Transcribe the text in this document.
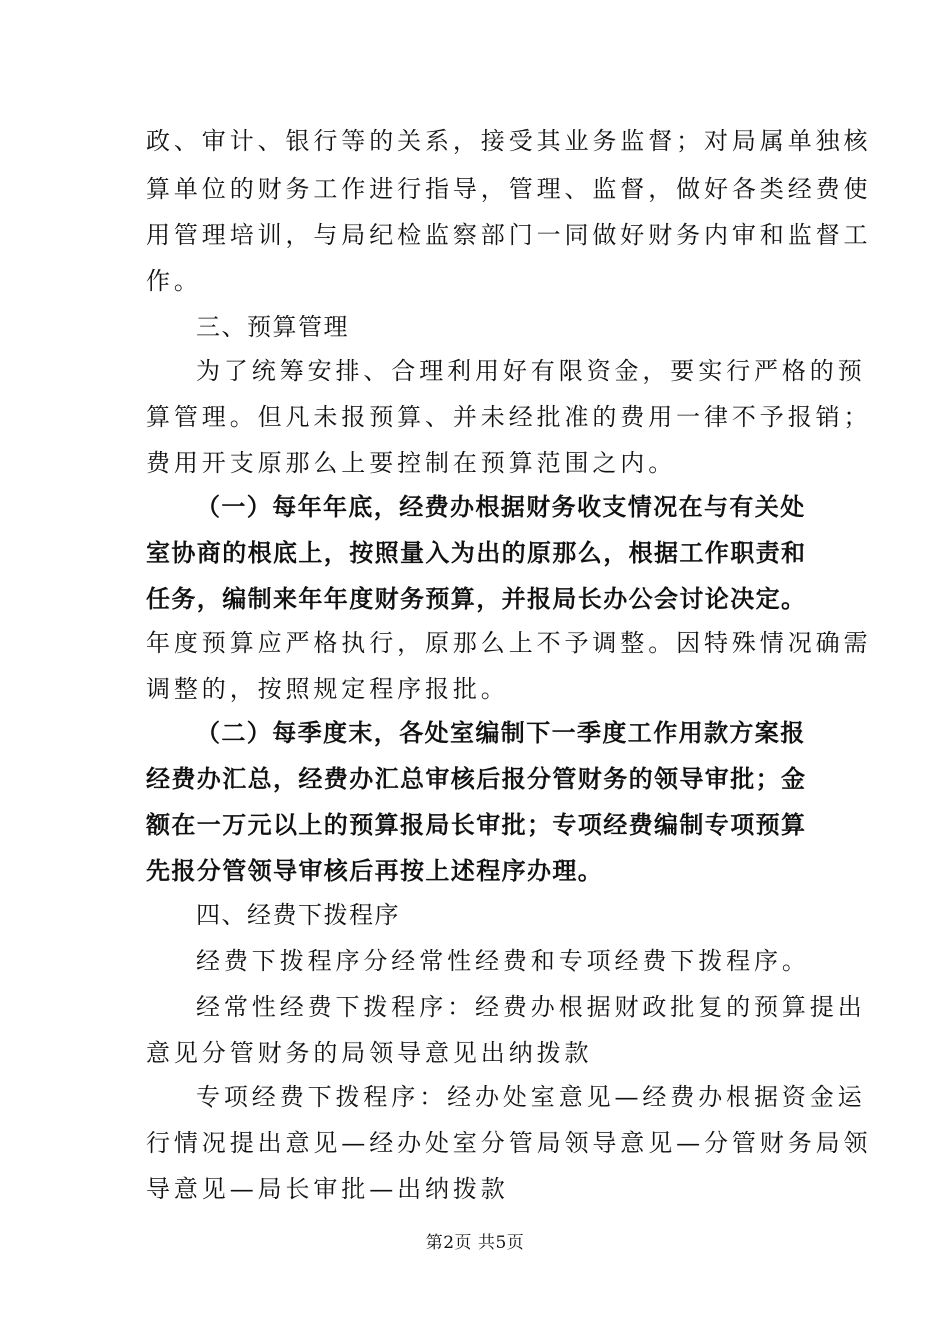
政、审计、银行等的关系，接受其业务监督；对局属单独核

算单位的财务工作进行指导，管理、监督，做好各类经费使

用管理培训，与局纪检监察部门一同做好财务内审和监督工

作。

三、预算管理

为了统筹安排、合理利用好有限资金，要实行严格的预

算管理。但凡未报预算、并未经批准的费用一律不予报销；

费用开支原那么上要控制在预算范围之内。

（一）每年年底，经费办根据财务收支情况在与有关处

室协商的根底上，按照量入为出的原那么，根据工作职责和

任务，编制来年年度财务预算，并报局长办公会讨论决定。

年度预算应严格执行，原那么上不予调整。因特殊情况确需

调整的，按照规定程序报批。

（二）每季度末，各处室编制下一季度工作用款方案报

经费办汇总，经费办汇总审核后报分管财务的领导审批；金

额在一万元以上的预算报局长审批；专项经费编制专项预算

先报分管领导审核后再按上述程序办理。

四、经费下拨程序

经费下拨程序分经常性经费和专项经费下拨程序。

经常性经费下拨程序：经费办根据财政批复的预算提出

意见分管财务的局领导意见出纳拨款

专项经费下拨程序：经办处室意见—经费办根据资金运

行情况提出意见—经办处室分管局领导意见—分管财务局领

导意见—局长审批—出纳拨款

第2页 共5页
